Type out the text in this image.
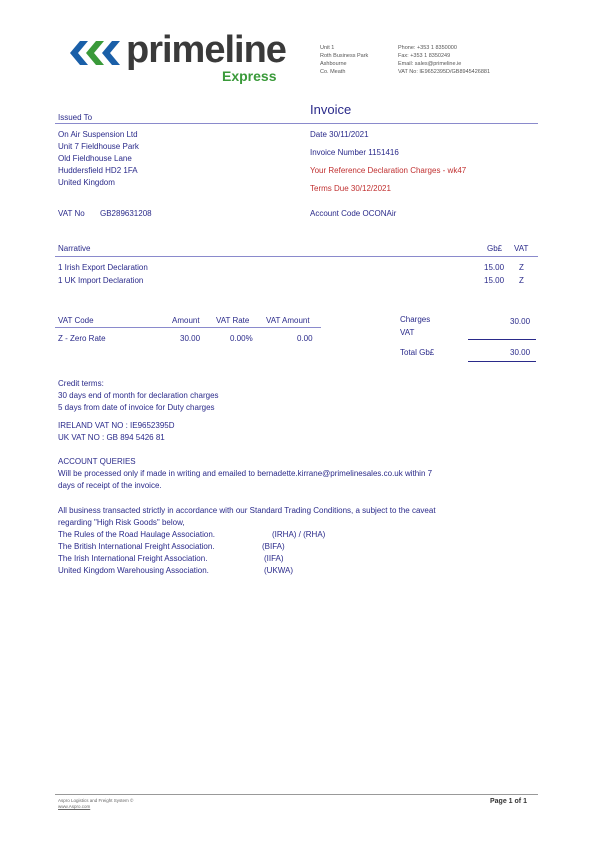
primeline
Express
Unit 1
Roth Business Park
Ashbourne
Co. Meath
Phone: +353 1 8350000
Fax: +353 1 8350249
Email: sales@primeline.ie
VAT No: IE9652395D/GB8945426881
Issued To
Invoice
On Air Suspension Ltd
Unit 7 Fieldhouse Park
Old Fieldhouse Lane
Huddersfield HD2 1FA
United Kingdom
VAT No GB289631208
Date 30/11/2021
Invoice Number 1151416
Your Reference Declaration Charges - wk47
Terms Due 30/12/2021
Account Code OCONAir
Narrative	Gb£ VAT
1 Irish Export Declaration	15.00 Z
1 UK Import Declaration	15.00 Z
VAT Code	Amount VAT Rate VAT Amount
Z - Zero Rate	30.00	0.00%	0.00
Charges	30.00
VAT
Total Gb£	30.00
Credit terms:
30 days end of month for declaration charges
5 days from date of invoice for Duty charges
IRELAND VAT NO : IE9652395D
UK VAT NO : GB 894 5426 81
ACCOUNT QUERIES
Will be processed only if made in writing and emailed to bernadette.kirrane@primelinesales.co.uk within 7
days of receipt of the invoice.
All business transacted strictly in accordance with our Standard Trading Conditions, a subject to the caveat
regarding "High Risk Goods" below,
The Rules of the Road Haulage Association.	(IRHA) / (RHA)
The British International Freight Association.	(BIFA)
The Irish International Freight Association.	(IIFA)
United Kingdom Warehousing Association.	(UKWA)
Aspro Logistics and Freight System ©
www.Aspro.com
Page 1 of 1
